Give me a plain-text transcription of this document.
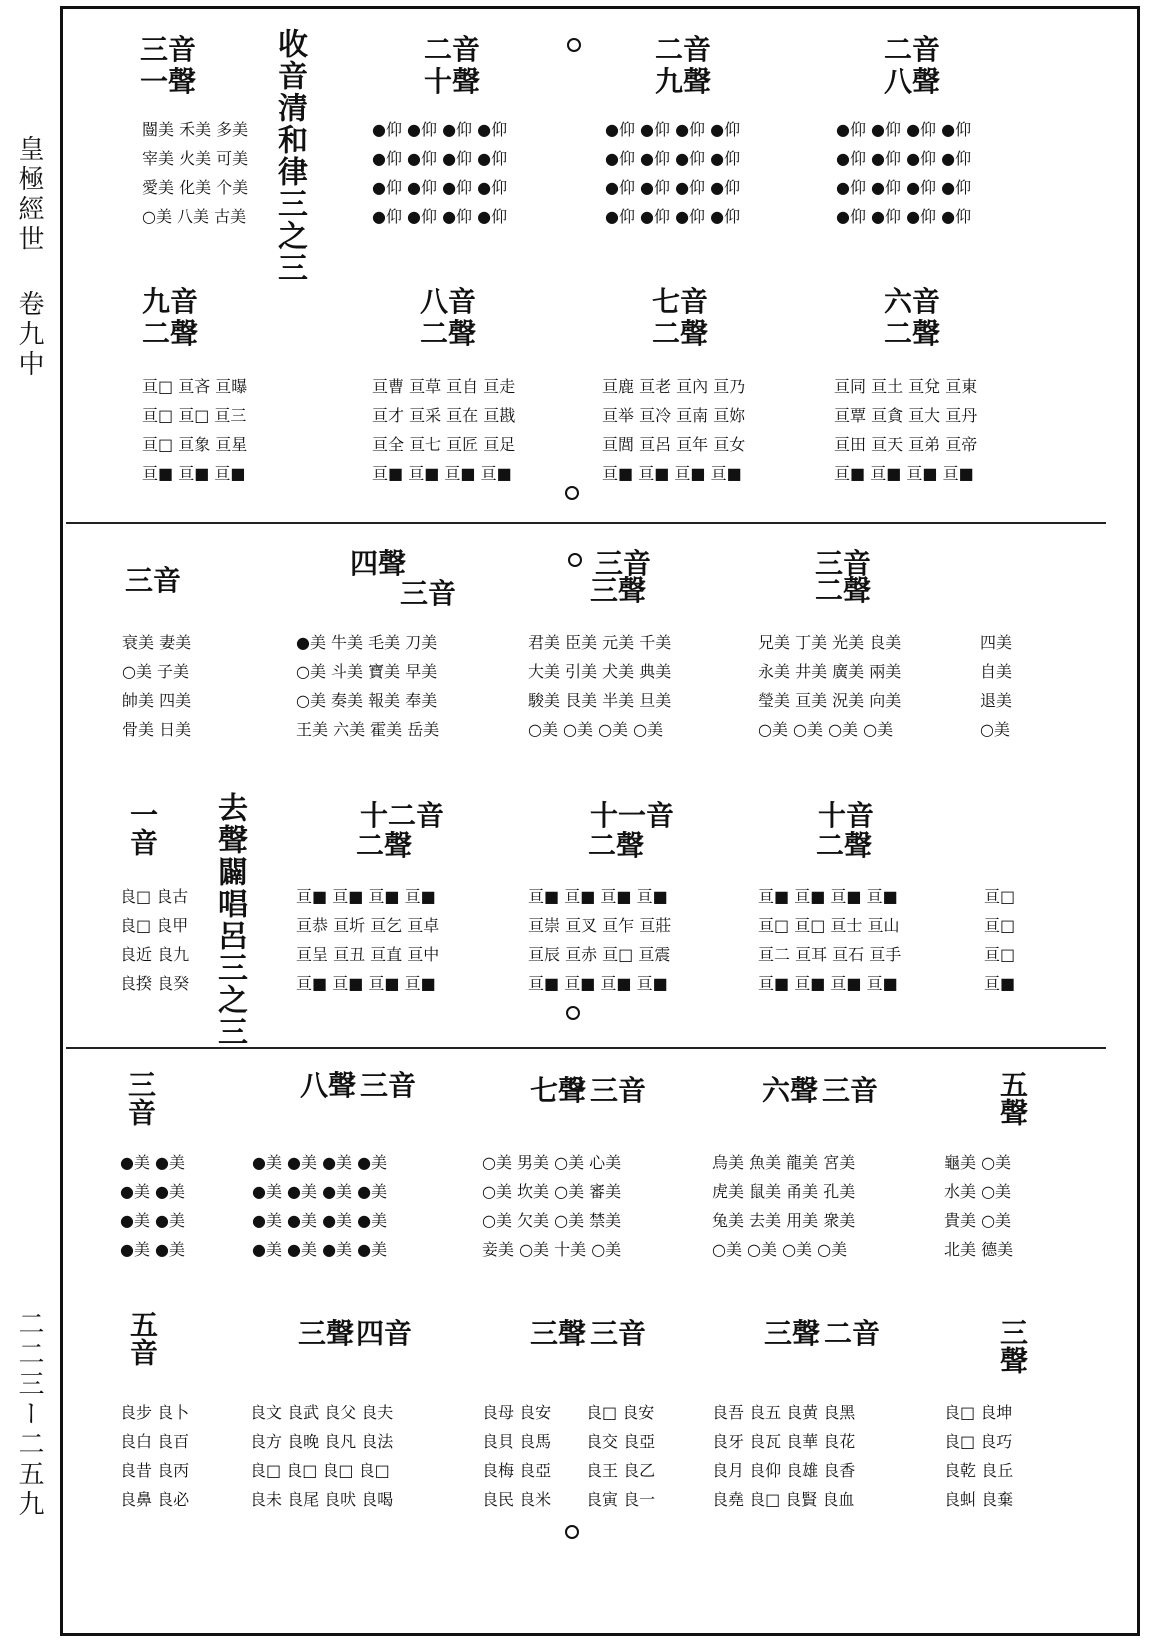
皇極經世
卷九中
二二三ー二五九
收音清和律三之三
三音
一聲
闓美 禾美 多美
宰美 火美 可美
愛美 化美 个美
○美 八美 古美
二音
十聲
●仰 ●仰 ●仰 ●仰
●仰 ●仰 ●仰 ●仰
●仰 ●仰 ●仰 ●仰
●仰 ●仰 ●仰 ●仰
二音
九聲
●仰 ●仰 ●仰 ●仰
●仰 ●仰 ●仰 ●仰
●仰 ●仰 ●仰 ●仰
●仰 ●仰 ●仰 ●仰
二音
八聲
●仰 ●仰 ●仰 ●仰
●仰 ●仰 ●仰 ●仰
●仰 ●仰 ●仰 ●仰
●仰 ●仰 ●仰 ●仰
九音
二聲
亘□ 亘吝 亘曝
亘□ 亘□ 亘三
亘□ 亘象 亘星
亘■ 亘■ 亘■
八音
二聲
亘曹 亘草 亘自 亘走
亘才 亘采 亘在 亘戡
亘全 亘七 亘匠 亘足
亘■ 亘■ 亘■ 亘■
七音
二聲
亘鹿 亘老 亘內 亘乃
亘举 亘冷 亘南 亘妳
亘閭 亘呂 亘年 亘女
亘■ 亘■ 亘■ 亘■
六音
二聲
亘同 亘土 亘兌 亘東
亘覃 亘貪 亘大 亘丹
亘田 亘天 亘弟 亘帝
亘■ 亘■ 亘■ 亘■
三音
衰美 妻美
○美 子美
帥美 四美
骨美 日美
四聲
三音
●美 牛美 毛美 刀美
○美 斗美 寶美 早美
○美 奏美 報美 奉美
王美 六美 霍美 岳美
三聲
三音
君美 臣美 元美 千美
大美 引美 犬美 典美
駿美 艮美 半美 旦美
○美 ○美 ○美 ○美
二聲
三音
兄美 丁美 光美 良美
永美 井美 廣美 兩美
瑩美 亘美 況美 向美
○美 ○美 ○美 ○美
四美
自美
退美
○美
去聲闢唱呂三之三
一音
良□ 良古
良□ 良甲
良近 良九
良揆 良癸
十二音
二聲
亘■ 亘■ 亘■ 亘■
亘恭 亘圻 亘乞 亘卓
亘呈 亘丑 亘直 亘中
亘■ 亘■ 亘■ 亘■
十一音
二聲
亘■ 亘■ 亘■ 亘■
亘崇 亘叉 亘乍 亘莊
亘辰 亘赤 亘□ 亘震
亘■ 亘■ 亘■ 亘■
十音
二聲
亘■ 亘■ 亘■ 亘■
亘□ 亘□ 亘士 亘山
亘二 亘耳 亘石 亘手
亘■ 亘■ 亘■ 亘■
亘□
亘□
亘□
亘■
三音
●美 ●美
●美 ●美
●美 ●美
●美 ●美
八聲 三音
●美 ●美 ●美 ●美
●美 ●美 ●美 ●美
●美 ●美 ●美 ●美
●美 ●美 ●美 ●美
七聲 三音
○美 男美 ○美 心美
○美 坎美 ○美 審美
○美 欠美 ○美 禁美
妾美 ○美 十美 ○美
六聲 三音
烏美 魚美 龍美 宮美
虎美 鼠美 甬美 孔美
兔美 去美 用美 衆美
○美 ○美 ○美 ○美
五聲
龜美 ○美
水美 ○美
貴美 ○美
北美 德美
五音
良步 良卜
良白 良百
良昔 良丙
良鼻 良必
三聲 四音
良文 良武 良父 良夫
良方 良晚 良凡 良法
良□ 良□ 良□ 良□
良未 良尾 良吠 良喝
三聲 三音
良母 良安
良貝 良馬
良梅 良亞
良民 良米
良□ 良安
良交 良亞
良王 良乙
良寅 良一
三聲 二音
良吾 良五 良黄 良黑
良牙 良瓦 良華 良花
良月 良仰 良雄 良香
良堯 良□ 良賢 良血
三聲
良□ 良坤
良□ 良巧
良乾 良丘
良虯 良棄
